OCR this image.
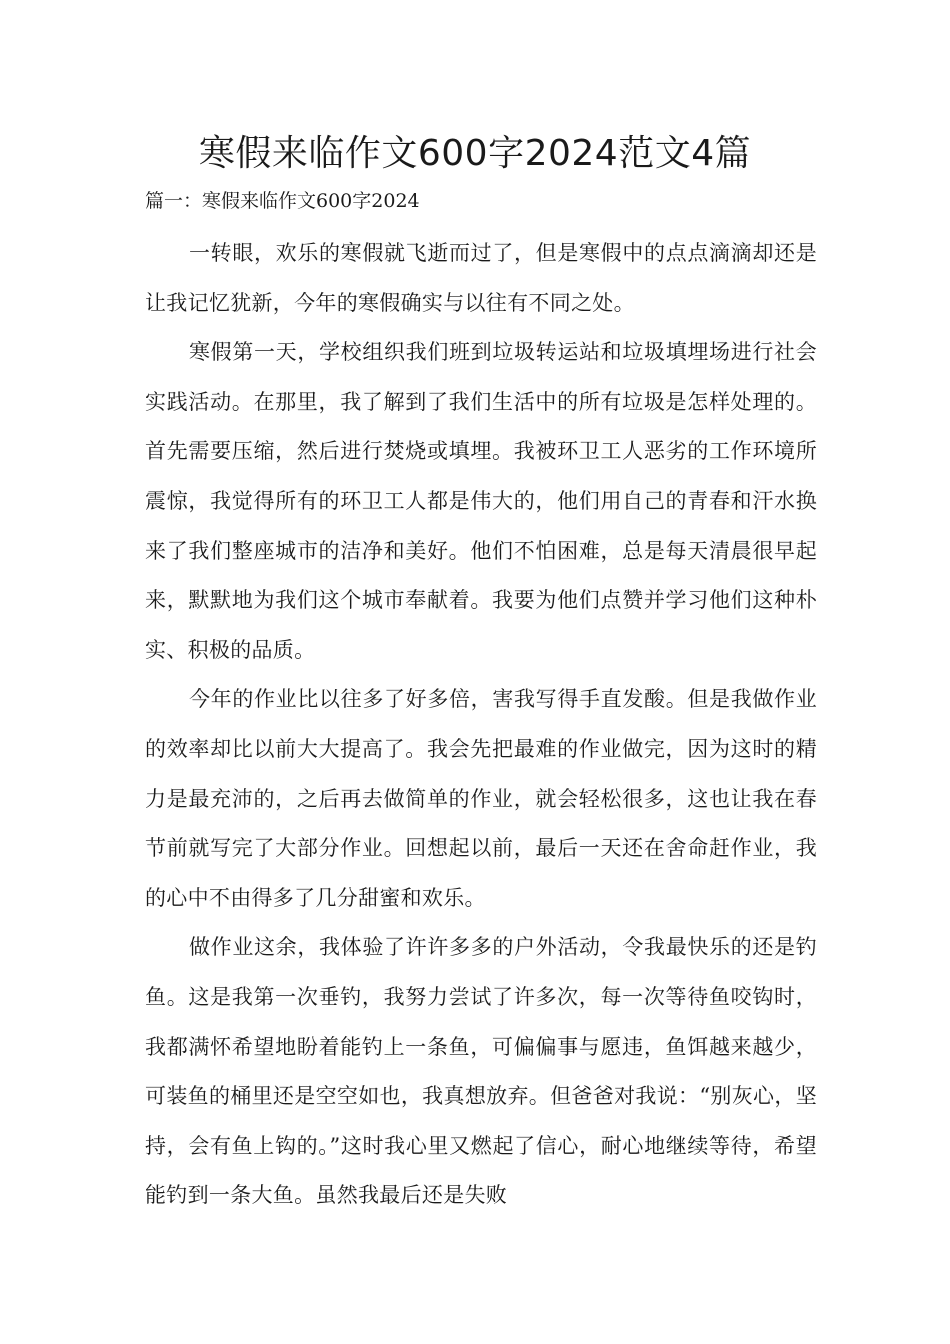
寒假来临作文600字2024范文4篇
篇一：寒假来临作文600字2024

一转眼，欢乐的寒假就飞逝而过了，但是寒假中的点点滴滴却还是让我记忆犹新，今年的寒假确实与以往有不同之处。

寒假第一天，学校组织我们班到垃圾转运站和垃圾填埋场进行社会实践活动。在那里，我了解到了我们生活中的所有垃圾是怎样处理的。首先需要压缩，然后进行焚烧或填埋。我被环卫工人恶劣的工作环境所震惊，我觉得所有的环卫工人都是伟大的，他们用自己的青春和汗水换来了我们整座城市的洁净和美好。他们不怕困难，总是每天清晨很早起来，默默地为我们这个城市奉献着。我要为他们点赞并学习他们这种朴实、积极的品质。

今年的作业比以往多了好多倍，害我写得手直发酸。但是我做作业的效率却比以前大大提高了。我会先把最难的作业做完，因为这时的精力是最充沛的，之后再去做简单的作业，就会轻松很多，这也让我在春节前就写完了大部分作业。回想起以前，最后一天还在舍命赶作业，我的心中不由得多了几分甜蜜和欢乐。

做作业这余，我体验了许许多多的户外活动，令我最快乐的还是钓鱼。这是我第一次垂钓，我努力尝试了许多次，每一次等待鱼咬钩时，我都满怀希望地盼着能钓上一条鱼，可偏偏事与愿违，鱼饵越来越少，可装鱼的桶里还是空空如也，我真想放弃。但爸爸对我说：“别灰心，坚持，会有鱼上钩的。”这时我心里又燃起了信心，耐心地继续等待，希望能钓到一条大鱼。虽然我最后还是失败
